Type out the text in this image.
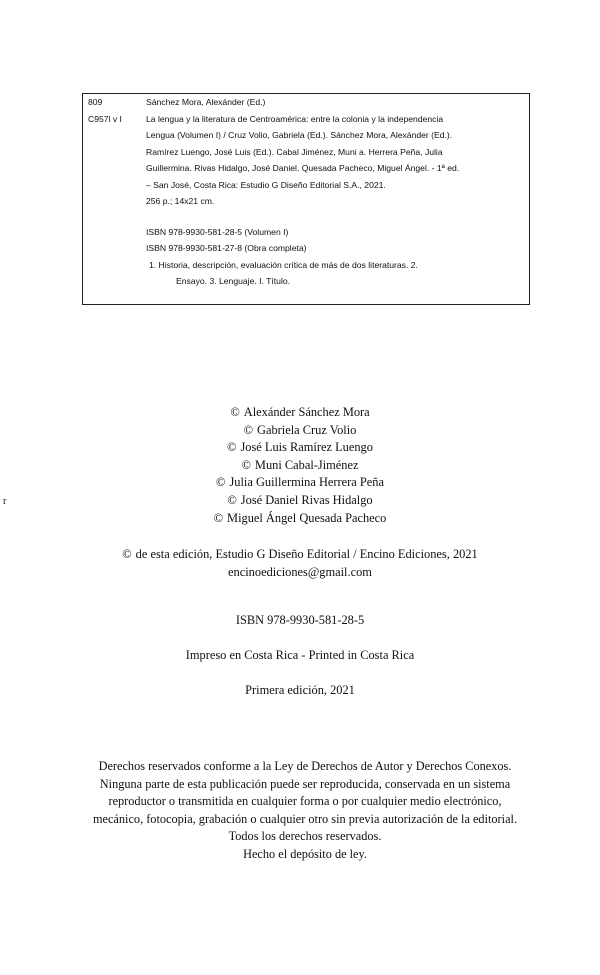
809
C957l v I
Sánchez Mora, Alexánder (Ed.)
La lengua y la literatura de Centroamérica: entre la colonia y la independencia
Lengua (Volumen I) / Cruz Volio, Gabriela (Ed.). Sánchez Mora, Alexánder (Ed.).
Ramírez Luengo, José Luis (Ed.). Cabal Jiménez, Muni a. Herrera Peña, Julia
Guillermina. Rivas Hidalgo, José Daniel. Quesada Pacheco, Miguel Ángel. - 1ª ed.
– San José, Costa Rica: Estudio G Diseño Editorial S.A., 2021.
256 p.; 14x21 cm.
ISBN 978-9930-581-28-5 (Volumen I)
ISBN 978-9930-581-27-8 (Obra completa)
1. Historia, descripción, evaluación crítica de más de dos literaturas. 2.
Ensayo. 3. Lenguaje. I. Título.
r
© Alexánder Sánchez Mora
© Gabriela Cruz Volio
© José Luis Ramírez Luengo
© Muni Cabal-Jiménez
© Julia Guillermina Herrera Peña
© José Daniel Rivas Hidalgo
© Miguel Ángel Quesada Pacheco
© de esta edición, Estudio G Diseño Editorial / Encino Ediciones, 2021
encinoediciones@gmail.com
ISBN 978-9930-581-28-5
Impreso en Costa Rica - Printed in Costa Rica
Primera edición, 2021
Derechos reservados conforme a la Ley de Derechos de Autor y Derechos Conexos.
Ninguna parte de esta publicación puede ser reproducida, conservada en un sistema
reproductor o transmitida en cualquier forma o por cualquier medio electrónico,
mecánico, fotocopia, grabación o cualquier otro sin previa autorización de la editorial.
Todos los derechos reservados.
Hecho el depósito de ley.
